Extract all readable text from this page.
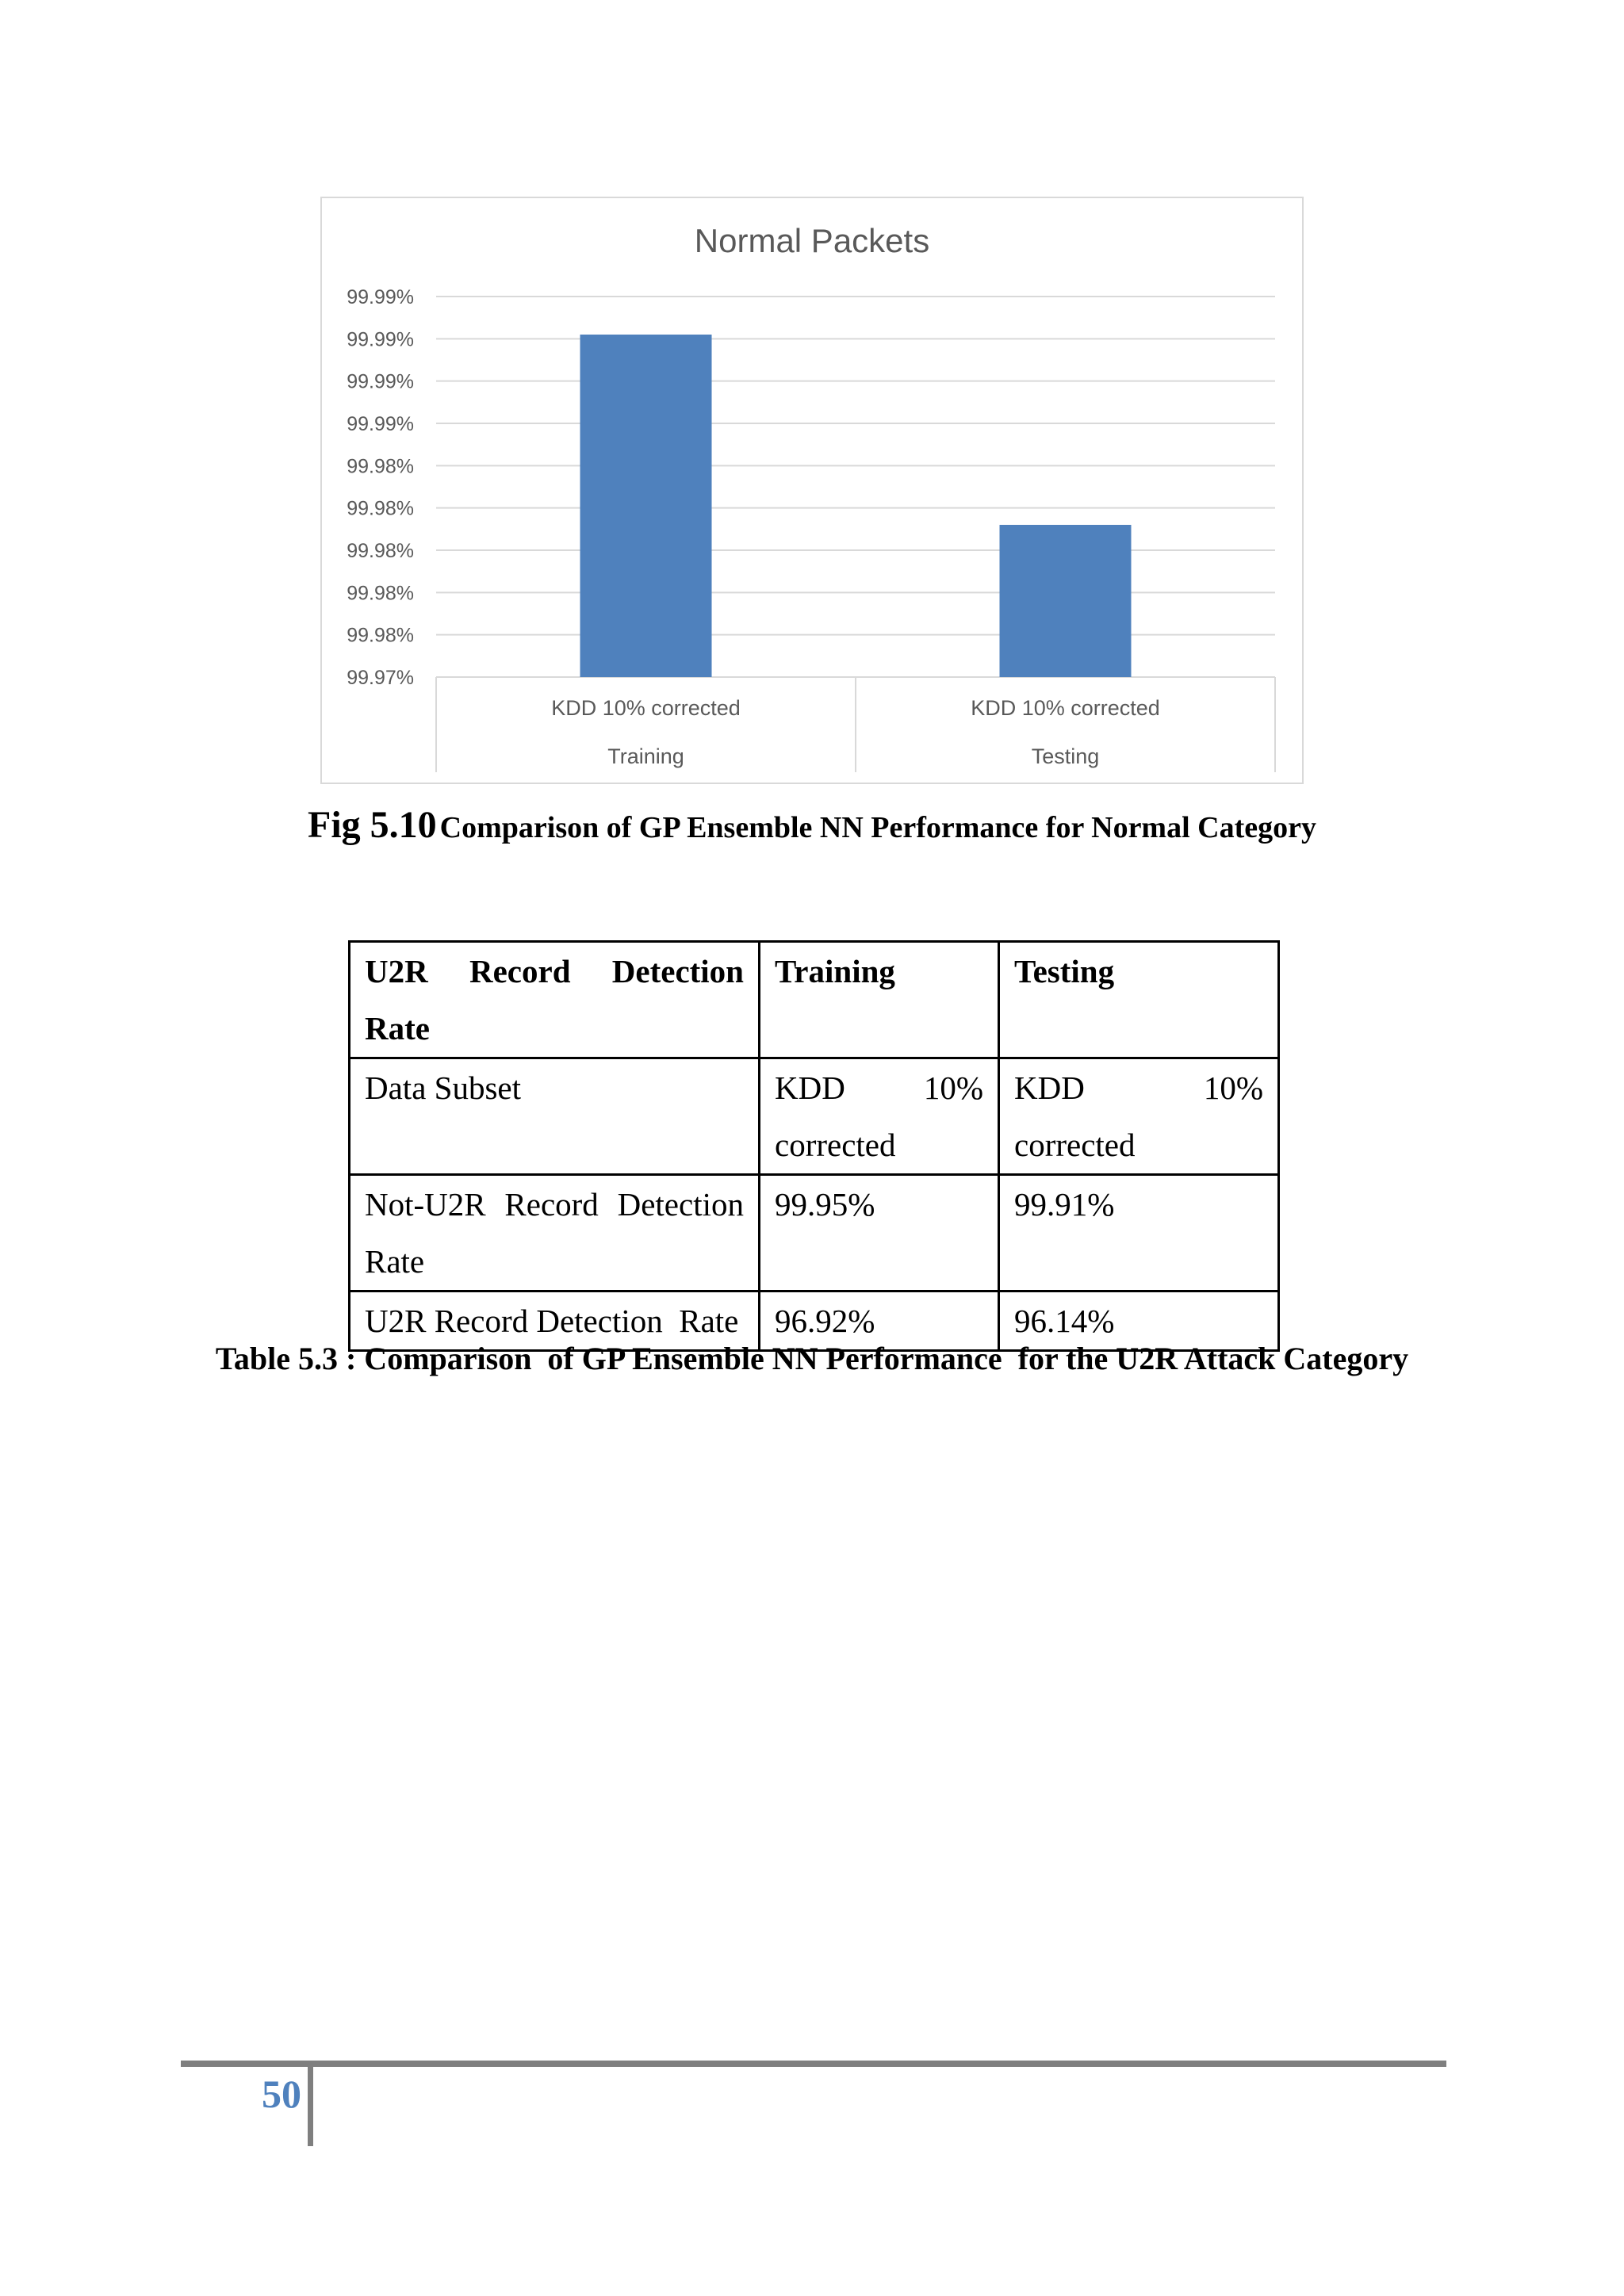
Normal Packets
99.97%
99.98%
99.98%
99.98%
99.98%
99.98%
99.99%
99.99%
99.99%
99.99%
KDD 10% corrected
Training
KDD 10% corrected
Testing
Fig 5.10 Comparison of GP Ensemble NN Performance for Normal Category
U2R Record Detection Rate	Training	Testing
Data Subset	KDD 10% corrected	KDD 10% corrected
Not-U2R Record Detection Rate	99.95%	99.91%
U2R Record Detection  Rate	96.92%	96.14%
Table 5.3 : Comparison  of GP Ensemble NN Performance  for the U2R Attack Category
50
